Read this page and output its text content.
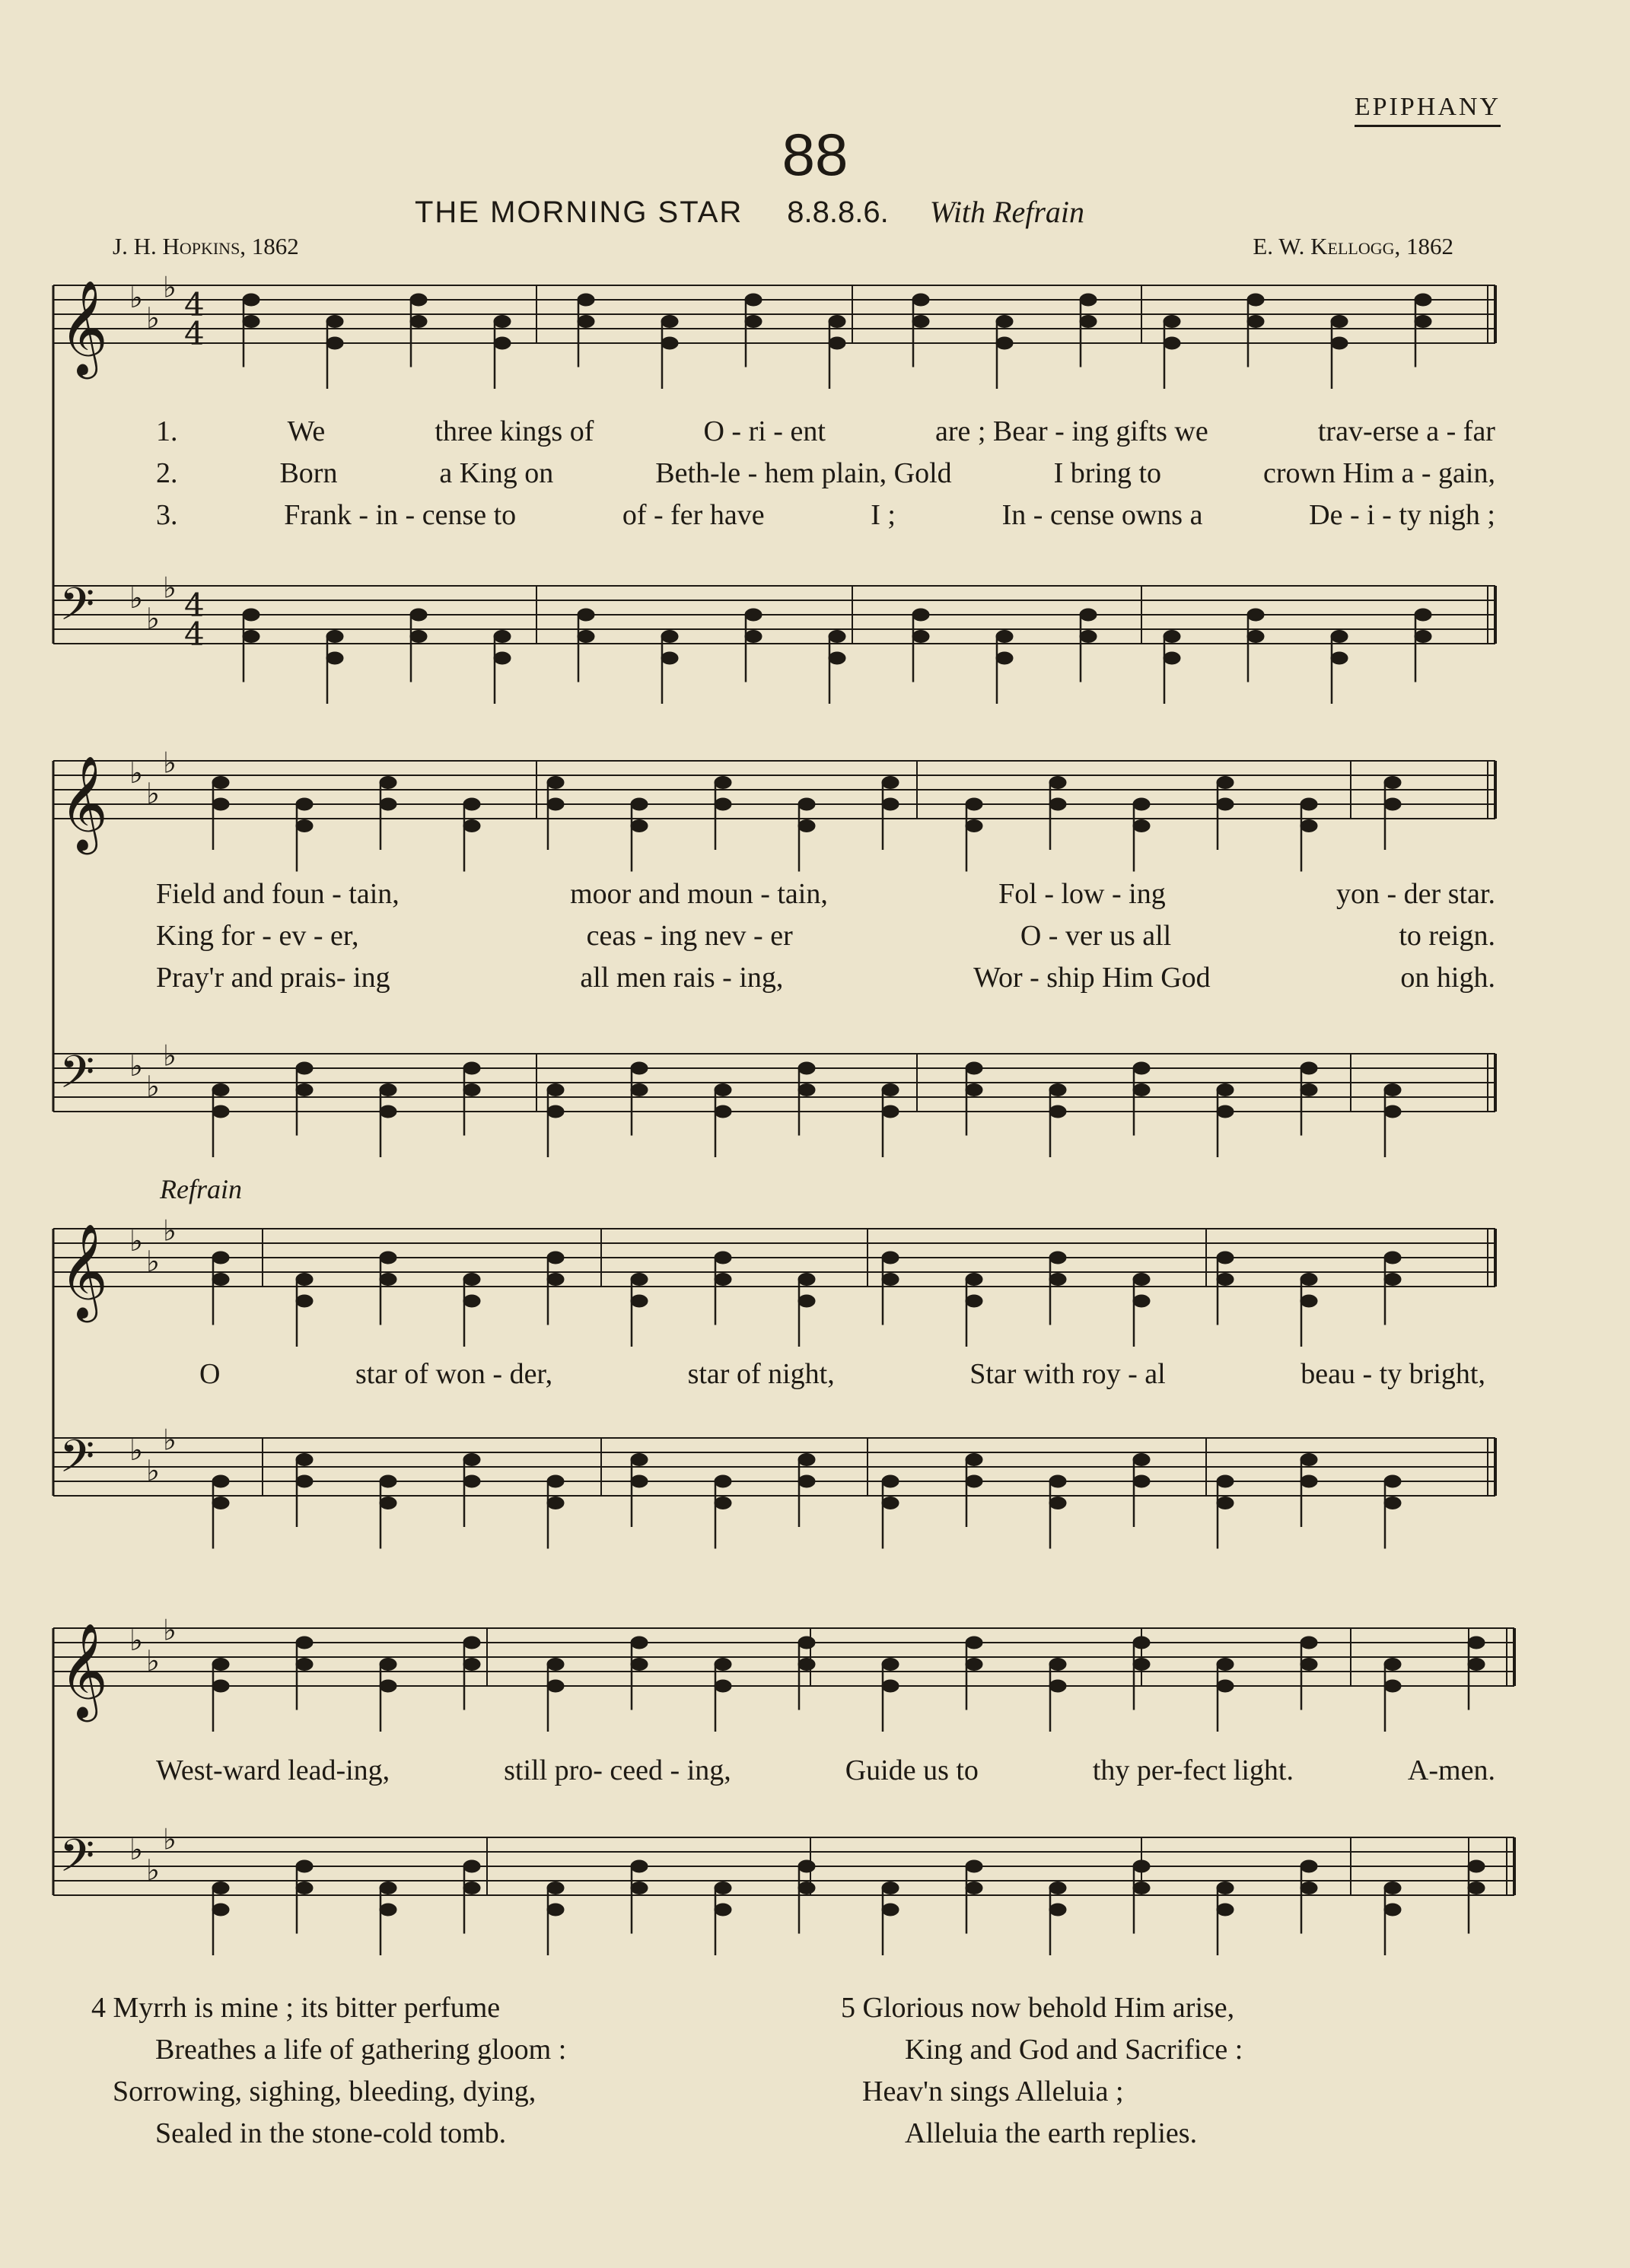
EPIPHANY
88
THE MORNING STAR 8.8.8.6. With Refrain
J. H. Hopkins, 1862	E. W. Kellogg, 1862
𝄞 ♭
♭
♭ 4
4
𝄢 ♭
♭
♭ 4
4
𝄞 ♭
♭
♭
𝄢 ♭
♭
♭
𝄞 ♭
♭
♭
𝄢 ♭
♭
♭
𝄞 ♭
♭
♭
𝄢 ♭
♭
♭
Refrain
1.	We	three kings of	O - ri - ent	are ; Bear - ing gifts we	trav-erse a - far
2.	Born	a King on	Beth-le - hem plain, Gold	I bring to	crown Him a - gain,
3.	Frank - in - cense to	of - fer have	I ;	In - cense owns a	De - i - ty nigh ;
Field and foun - tain,	moor and moun - tain,	Fol - low - ing	yon - der star.
King for - ev - er,	ceas - ing nev - er	O - ver us all	to reign.
Pray'r and prais- ing	all men rais - ing,	Wor - ship Him God	on high.
O	star of won - der,	star of night,	Star with roy - al	beau - ty bright,
West-ward lead-ing,	still pro- ceed - ing,	Guide us to	thy per-fect light.	A-men.
4 Myrrh is mine ; its bitter perfume
Breathes a life of gathering gloom :
Sorrowing, sighing, bleeding, dying,
Sealed in the stone-cold tomb.
5 Glorious now behold Him arise,
King and God and Sacrifice :
Heav'n sings Alleluia ;
Alleluia the earth replies.
